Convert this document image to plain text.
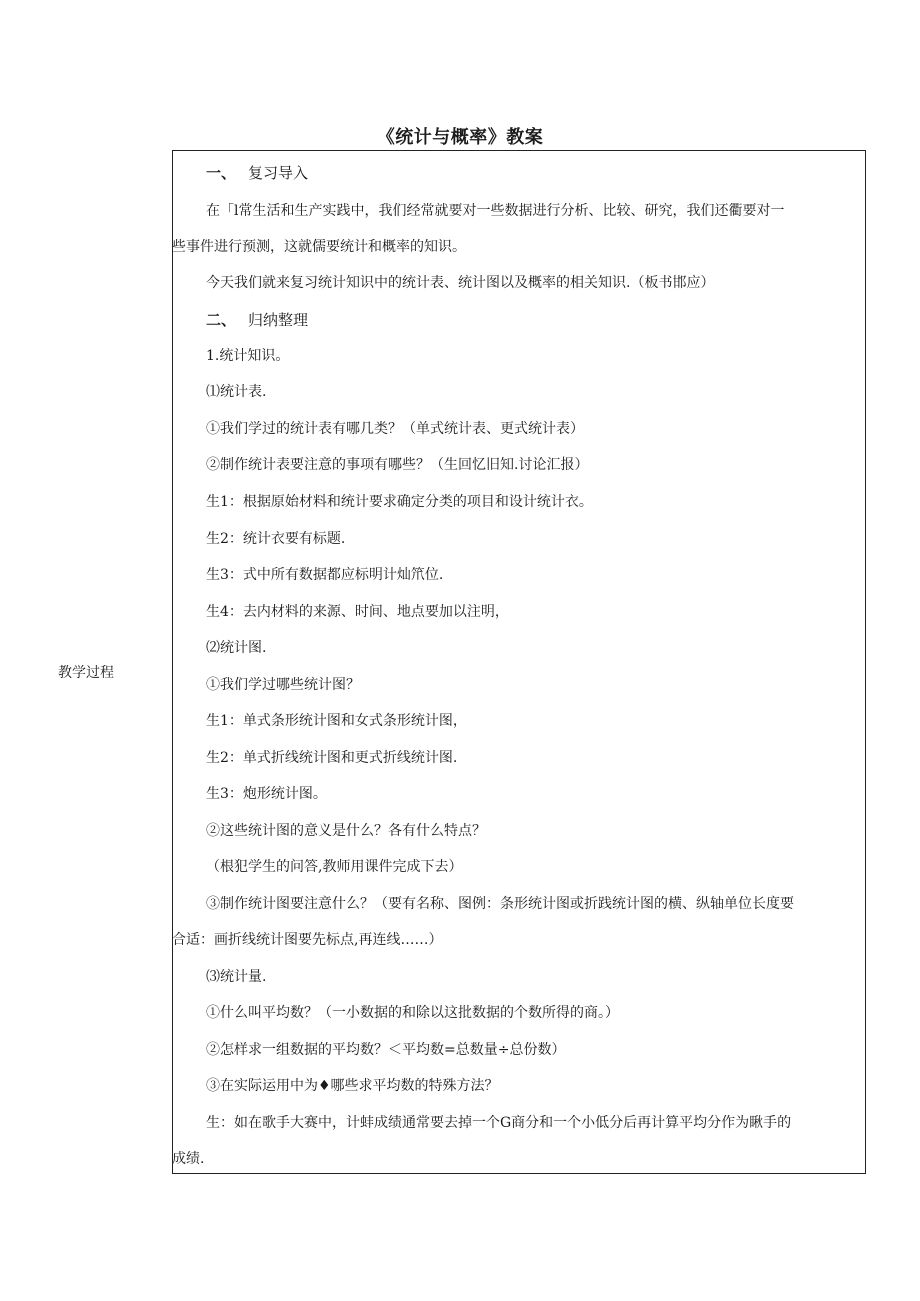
《统计与概率》教案
教学过程
一、 复习导入
在「l常生活和生产实践中，我们经常就要对一些数据进行分析、比较、研究，我们还衢要对一
些事件进行预测，这就儒要统计和概率的知识。
今天我们就来复习统计知识中的统计表、统计图以及概率的相关知识.（板书邯应）
二、 归纳整理
1.统计知识。
⑴统计表.
①我们学过的统计表有哪几类？（单式统计表、更式统计表）
②制作统计表要注意的事项有哪些？（生回忆旧知.讨论汇报）
生1：根据原始材料和统计要求确定分类的项目和设计统计衣。
生2：统计衣要有标题.
生3：式中所有数据都应标明计灿笊位.
生4：去内材料的来源、时间、地点要加以注明，
⑵统计图.
①我们学过哪些统计图？
生1：单式条形统计图和女式条形统计图，
生2：单式折线统计图和更式折线统计图.
生3：炮形统计图。
②这些统计图的意义是什么？各有什么特点？
（根犯学生的问答,教师用课件完成下去）
③制作统计图要注意什么？（要有名称、图例：条形统计图或折践统计图的横、纵轴单位长度要
合适：画折线统计图要先标点,再连线……）
⑶统计量.
①什么叫平均数？（一小数据的和除以这批数据的个数所得的商。）
②怎样求一组数据的平均数？＜平均数=总数量÷总份数）
③在实际运用中为♦哪些求平均数的特殊方法？
生：如在歌手大赛中，计蚌成绩通常要去掉一个G商分和一个小低分后再计算平均分作为瞅手的
成绩.
